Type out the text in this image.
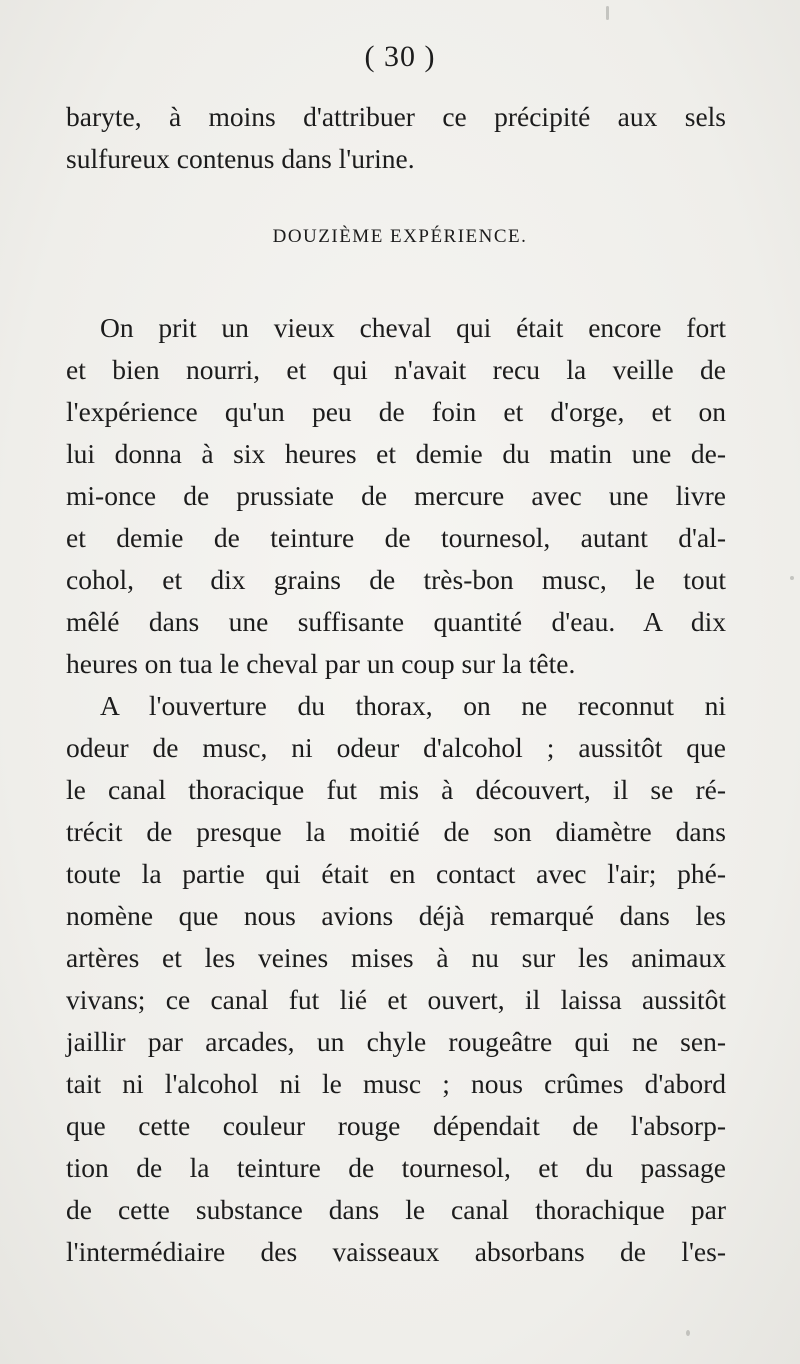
( 30 )
baryte, à moins d'attribuer ce précipité aux sels
sulfureux contenus dans l'urine.
DOUZIÈME EXPÉRIENCE.
On prit un vieux cheval qui était encore fort
et bien nourri, et qui n'avait recu la veille de
l'expérience qu'un peu de foin et d'orge, et on
lui donna à six heures et demie du matin une de-
mi-once de prussiate de mercure avec une livre
et demie de teinture de tournesol, autant d'al-
cohol, et dix grains de très-bon musc, le tout
mêlé dans une suffisante quantité d'eau. A dix
heures on tua le cheval par un coup sur la tête.
A l'ouverture du thorax, on ne reconnut ni
odeur de musc, ni odeur d'alcohol ; aussitôt que
le canal thoracique fut mis à découvert, il se ré-
trécit de presque la moitié de son diamètre dans
toute la partie qui était en contact avec l'air; phé-
nomène que nous avions déjà remarqué dans les
artères et les veines mises à nu sur les animaux
vivans; ce canal fut lié et ouvert, il laissa aussitôt
jaillir par arcades, un chyle rougeâtre qui ne sen-
tait ni l'alcohol ni le musc ; nous crûmes d'abord
que cette couleur rouge dépendait de l'absorp-
tion de la teinture de tournesol, et du passage
de cette substance dans le canal thorachique par
l'intermédiaire des vaisseaux absorbans de l'es-
